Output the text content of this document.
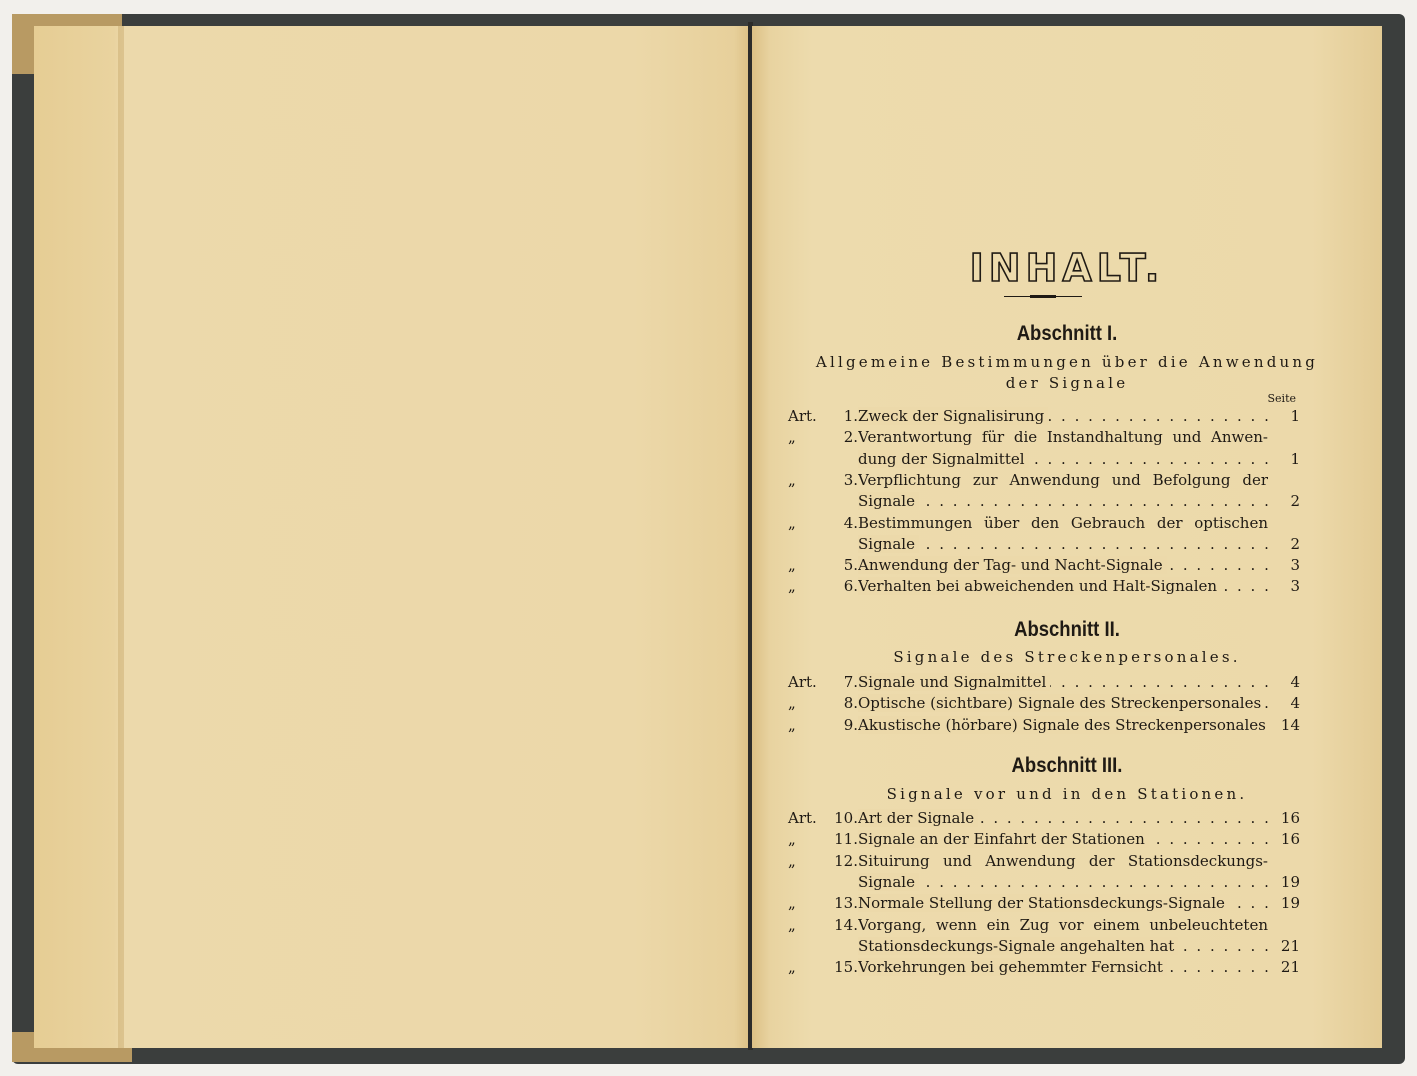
INHALT.
Abschnitt I.
Allgemeine Bestimmungen über die Anwendung
der Signale
Seite
Art.	1. Zweck der Signalisirung . . .	1
„	2. Verantwortung für die Instandhaltung und Anwen-
dung der Signalmittel . . .	1
„	3. Verpflichtung zur Anwendung und Befolgung der
Signale . . .	2
„	4. Bestimmungen über den Gebrauch der optischen
Signale . . .	2
„	5. Anwendung der Tag- und Nacht-Signale . . .	3
„	6. Verhalten bei abweichenden und Halt-Signalen . . .	3
Abschnitt II.
Signale des Streckenpersonales.
Art.	7. Signale und Signalmittel . . .	4
„	8. Optische (sichtbare) Signale des Streckenpersonales . . .	4
„	9. Akustische (hörbare) Signale des Streckenpersonales . . .	14
Abschnitt III.
Signale vor und in den Stationen.
Art.	10. Art der Signale . . .	16
„	11. Signale an der Einfahrt der Stationen . . .	16
„	12. Situirung und Anwendung der Stationsdeckungs-
Signale . . .	19
„	13. Normale Stellung der Stationsdeckungs-Signale . . .	19
„	14. Vorgang, wenn ein Zug vor einem unbeleuchteten
Stationsdeckungs-Signale angehalten hat . . .	21
„	15. Vorkehrungen bei gehemmter Fernsicht . . .	21
